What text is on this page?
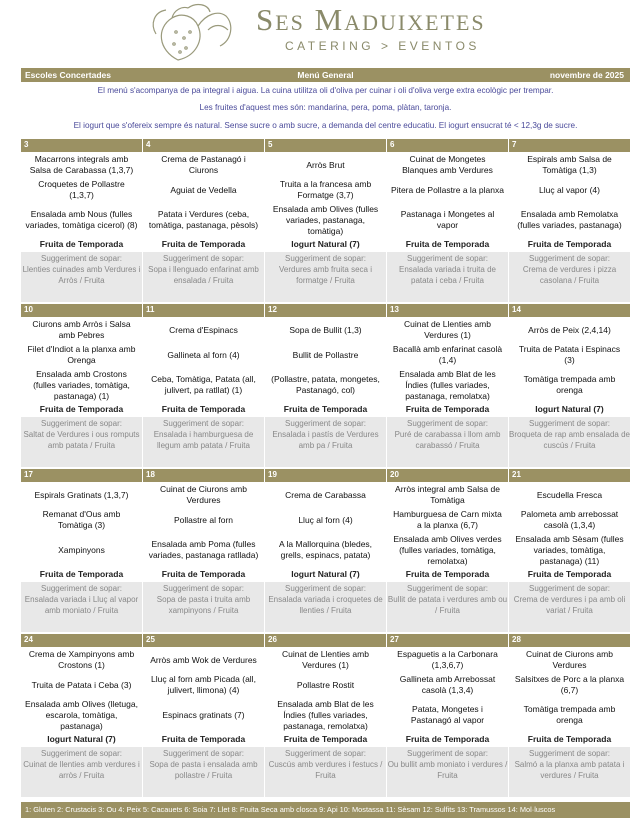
Ses Maduixetes
CATERING > EVENTOS
Menú General
Escoles Concertades	novembre de 2025
El menú s'acompanya de pa integral i aigua. La cuina utilitza oli d'oliva per cuinar i oli d'oliva verge extra ecològic per trempar.
Les fruites d'aquest mes són: mandarina, pera, poma, plàtan, taronja.
El iogurt que s'ofereix sempre és natural. Sense sucre o amb sucre, a demanda del centre educatiu. El iogurt ensucrat té < 12,3g de sucre.
3
Macarrons integrals amb Salsa de Carabassa (1,3,7)
Croquetes de Pollastre (1,3,7)
Ensalada amb Nous (fulles variades, tomàtiga cicerol) (8)
Fruita de Temporada
Suggeriment de sopar:
Llenties cuinades amb Verdures i Arròs / Fruita
4
Crema de Pastanagó i Ciurons
Aguiat de Vedella
Patata i Verdures (ceba, tomàtiga, pastanaga, pèsols)
Fruita de Temporada
Suggeriment de sopar:
Sopa i llenguado enfarinat amb ensalada / Fruita
5
Arròs Brut
Truita a la francesa amb Formatge (3,7)
Ensalada amb Olives (fulles variades, pastanaga, tomàtiga)
Iogurt Natural (7)
Suggeriment de sopar:
Verdures amb fruita seca i formatge / Fruita
6
Cuinat de Mongetes Blanques amb Verdures
Pitera de Pollastre a la planxa
Pastanaga i Mongetes al vapor
Fruita de Temporada
Suggeriment de sopar:
Ensalada variada i truita de patata i ceba / Fruita
7
Espirals amb Salsa de Tomàtiga (1,3)
Lluç al vapor (4)
Ensalada amb Remolatxa (fulles variades, pastanaga)
Fruita de Temporada
Suggeriment de sopar:
Crema de verdures i pizza casolana / Fruita
10
Ciurons amb Arròs i Salsa amb Pebres
Filet d'Indiot a la planxa amb Orenga
Ensalada amb Crostons (fulles variades, tomàtiga, pastanaga) (1)
Fruita de Temporada
Suggeriment de sopar:
Saltat de Verdures i ous romputs amb patata / Fruita
11
Crema d'Espinacs
Gallineta al forn (4)
Ceba, Tomàtiga, Patata (all, julivert, pa ratllat) (1)
Fruita de Temporada
Suggeriment de sopar:
Ensalada i hamburguesa de llegum amb patata / Fruita
12
Sopa de Bullit (1,3)
Bullit de Pollastre
(Pollastre, patata, mongetes, Pastanagó, col)
Fruita de Temporada
Suggeriment de sopar:
Ensalada i pastís de Verdures amb pa / Fruita
13
Cuinat de Llenties amb Verdures (1)
Bacallà amb enfarinat casolà (1,4)
Ensalada amb Blat de les Índies (fulles variades, pastanaga, remolatxa)
Fruita de Temporada
Suggeriment de sopar:
Puré de carabassa i llom amb carabassó / Fruita
14
Arròs de Peix (2,4,14)
Truita de Patata i Espinacs (3)
Tomàtiga trempada amb orenga
Iogurt Natural (7)
Suggeriment de sopar:
Broqueta de rap amb ensalada de cuscús / Fruita
17
Espirals Gratinats (1,3,7)
Remanat d'Ous amb Tomàtiga (3)
Xampinyons
Fruita de Temporada
Suggeriment de sopar:
Ensalada variada i Lluç al vapor amb moniato / Fruita
18
Cuinat de Ciurons amb Verdures
Pollastre al forn
Ensalada amb Poma (fulles variades, pastanaga ratllada)
Fruita de Temporada
Suggeriment de sopar:
Sopa de pasta i truita amb xampinyons / Fruita
19
Crema de Carabassa
Lluç al forn (4)
A la Mallorquina (bledes, grells, espinacs, patata)
Iogurt Natural (7)
Suggeriment de sopar:
Ensalada variada i croquetes de llenties / Fruita
20
Arròs integral amb Salsa de Tomàtiga
Hamburguesa de Carn mixta a la planxa (6,7)
Ensalada amb Olives verdes (fulles variades, tomàtiga, remolatxa)
Fruita de Temporada
Suggeriment de sopar:
Bullit de patata i verdures amb ou / Fruita
21
Escudella Fresca
Palometa amb arrebossat casolà (1,3,4)
Ensalada amb Sèsam (fulles variades, tomàtiga, pastanaga) (11)
Fruita de Temporada
Suggeriment de sopar:
Crema de verdures i pa amb oli variat / Fruita
24
Crema de Xampinyons amb Crostons (1)
Truita de Patata i Ceba (3)
Ensalada amb Olives (lletuga, escarola, tomàtiga, pastanaga)
Iogurt Natural (7)
Suggeriment de sopar:
Cuinat de llenties amb verdures i arròs / Fruita
25
Arròs amb Wok de Verdures
Lluç al forn amb Picada (all, julivert, llimona) (4)
Espinacs gratinats (7)
Fruita de Temporada
Suggeriment de sopar:
Sopa de pasta i ensalada amb pollastre / Fruita
26
Cuinat de Llenties amb Verdures (1)
Pollastre Rostit
Ensalada amb Blat de les Índies (fulles variades, pastanaga, remolatxa)
Fruita de Temporada
Suggeriment de sopar:
Cuscús amb verdures i festucs / Fruita
27
Espaguetis a la Carbonara (1,3,6,7)
Gallineta amb Arrebossat casolà (1,3,4)
Patata, Mongetes i Pastanagó al vapor
Fruita de Temporada
Suggeriment de sopar:
Ou bullit amb moniato i verdures / Fruita
28
Cuinat de Ciurons amb Verdures
Salsitxes de Porc a la planxa (6,7)
Tomàtiga trempada amb orenga
Fruita de Temporada
Suggeriment de sopar:
Salmó a la planxa amb patata i verdures / Fruita
1: Gluten 2: Crustacis 3: Ou 4: Peix 5: Cacauets 6: Soia 7: Llet 8: Fruita Seca amb closca 9: Api 10: Mostassa 11: Sèsam 12: Sulfits 13: Tramussos 14: Mol·luscos
